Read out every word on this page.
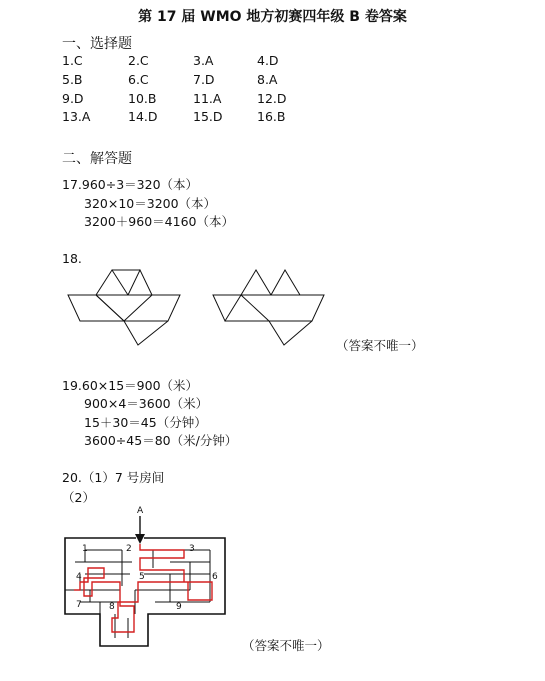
第 17 届 WMO 地方初赛四年级 B 卷答案
一、选择题
1.C	2.C	3.A	4.D
5.B	6.C	7.D	8.A
9.D	10.B	11.A	12.D
13.A	14.D	15.D	16.B
二、解答题
17.960÷3＝320（本）
320×10＝3200（本）
3200＋960＝4160（本）
18.
（答案不唯一）
19.60×15＝900（米）
900×4＝3600（米）
15＋30＝45（分钟）
3600÷45＝80（米/分钟）
20.（1）7 号房间
（2）
A
1	2	3
4	5	6
7	8	9
（答案不唯一）
